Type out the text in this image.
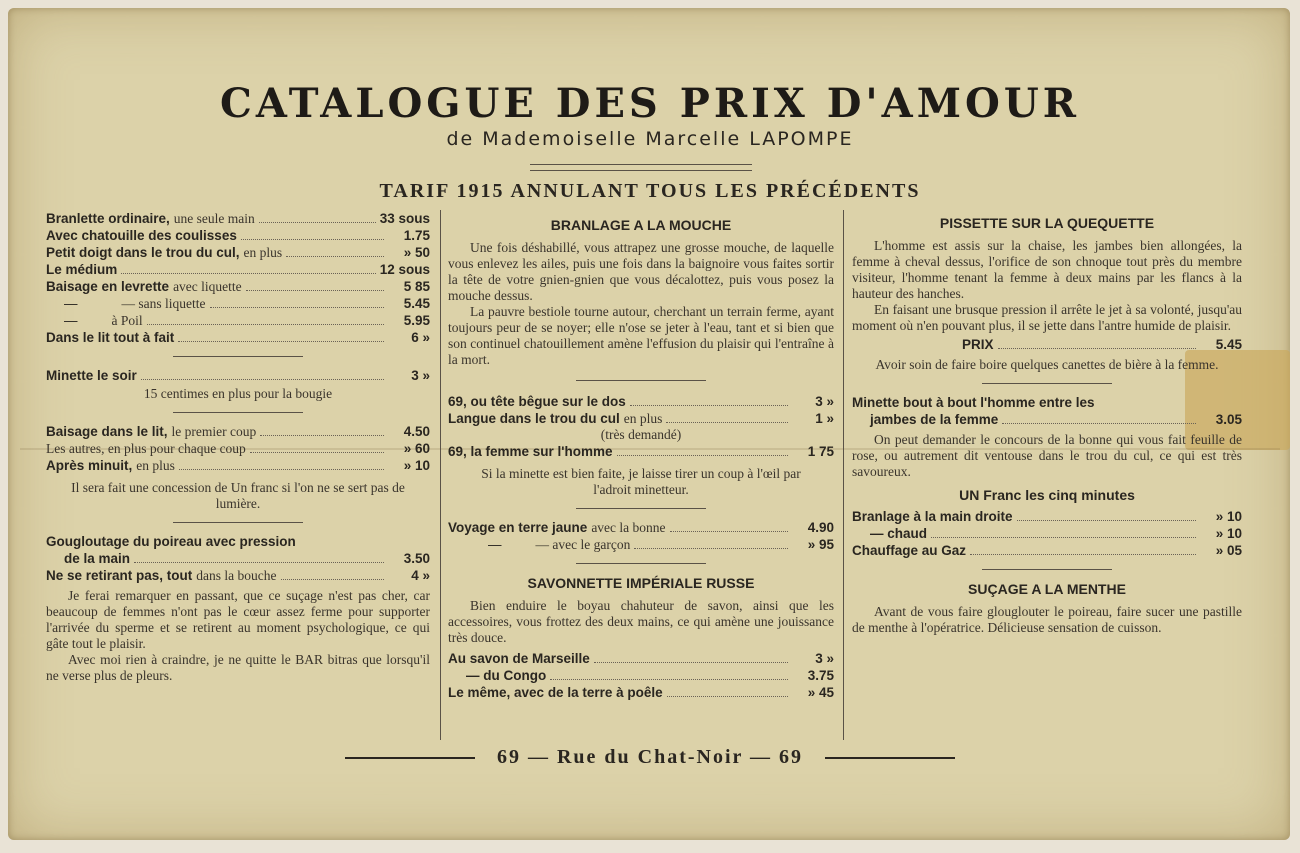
CATALOGUE DES PRIX D'AMOUR
de Mademoiselle Marcelle LAPOMPE
TARIF 1915 ANNULANT TOUS LES PRÉCÉDENTS
Branlette ordinaire, une seule main	33 sous
Avec chatouille des coulisses	1.75
Petit doigt dans le trou du cul, en plus	» 50
Le médium	12 sous
Baisage en levrette avec liquette	5 85
—	— sans liquette	5.45
—	à Poil	5.95
Dans le lit tout à fait	6 »
Minette le soir	3 »

15 centimes en plus pour la bougie

Baisage dans le lit, le premier coup	4.50
Les autres, en plus pour chaque coup	» 60
Après minuit, en plus	» 10

Il sera fait une concession de Un franc si l'on ne se sert pas de lumière.

Gougloutage du poireau avec pression
de la main	3.50
Ne se retirant pas, tout dans la bouche	4 »

Je ferai remarquer en passant, que ce suçage n'est pas cher, car beaucoup de femmes n'ont pas le cœur assez ferme pour supporter l'arrivée du sperme et se retirent au moment psychologique, ce qui gâte tout le plaisir.

Avec moi rien à craindre, je ne quitte le BAR bitras que lorsqu'il ne verse plus de pleurs.

BRANLAGE A LA MOUCHE

Une fois déshabillé, vous attrapez une grosse mouche, de laquelle vous enlevez les ailes, puis une fois dans la baignoire vous faites sortir la tête de votre gnien-gnien que vous décalottez, puis vous posez la mouche dessus.

La pauvre bestiole tourne autour, cherchant un terrain ferme, ayant toujours peur de se noyer; elle n'ose se jeter à l'eau, tant et si bien que son continuel chatouillement amène l'effusion du plaisir qui l'entraîne à la mort.

69, ou tête bêgue sur le dos	3 »
Langue dans le trou du cul en plus	1 »

(très demandé)

69, la femme sur l'homme	1 75

Si la minette est bien faite, je laisse tirer un coup à l'œil par l'adroit minetteur.

Voyage en terre jaune avec la bonne	4.90
—	— avec le garçon	» 95
SAVONNETTE IMPÉRIALE RUSSE

Bien enduire le boyau chahuteur de savon, ainsi que les accessoires, vous frottez des deux mains, ce qui amène une jouissance très douce.

Au savon de Marseille	3 »
— du Congo	3.75
Le même, avec de la terre à poêle	» 45
PISSETTE SUR LA QUEQUETTE

L'homme est assis sur la chaise, les jambes bien allongées, la femme à cheval dessus, l'orifice de son chnoque tout près du membre visiteur, l'homme tenant la femme à deux mains par les flancs à la hauteur des hanches.

En faisant une brusque pression il arrête le jet à sa volonté, jusqu'au moment où n'en pouvant plus, il se jette dans l'antre humide de plaisir.

PRIX	5.45

Avoir soin de faire boire quelques canettes de bière à la femme.

Minette bout à bout l'homme entre les
jambes de la femme	3.05

On peut demander le concours de la bonne qui vous fait feuille de rose, ou autrement dit ventouse dans le trou du cul, ce qui est très savoureux.

UN Franc les cinq minutes
Branlage à la main droite	» 10
— chaud	» 10
Chauffage au Gaz	» 05
SUÇAGE A LA MENTHE

Avant de vous faire glouglouter le poireau, faire sucer une pastille de menthe à l'opératrice. Délicieuse sensation de cuisson.

69 — Rue du Chat-Noir — 69
